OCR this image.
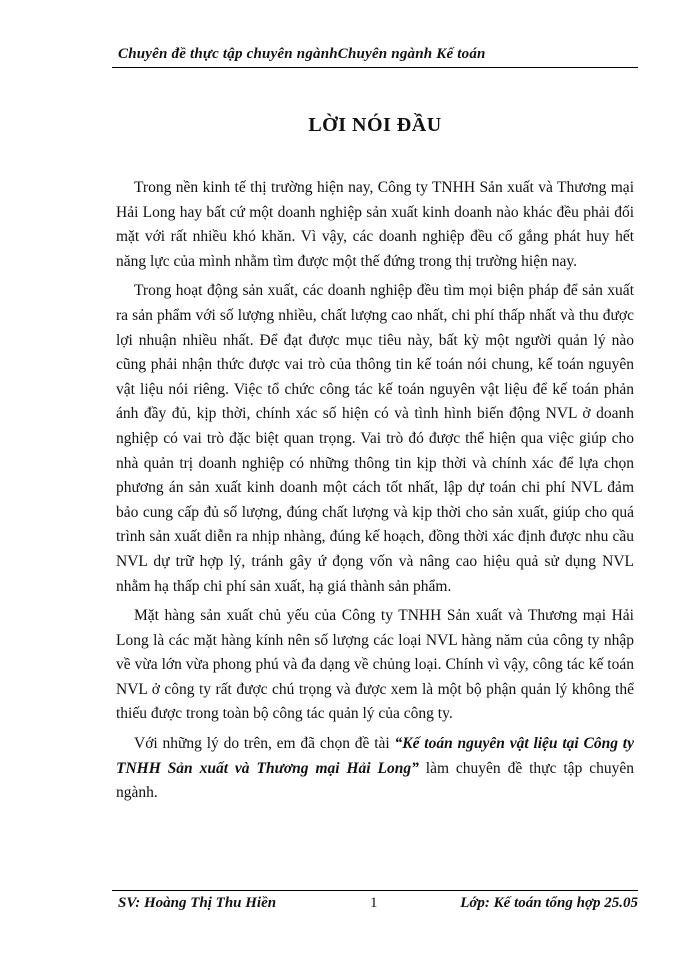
Chuyên đề thực tập chuyên ngànhChuyên ngành Kế toán
LỜI NÓI ĐẦU

Trong nền kinh tế thị trường hiện nay, Công ty TNHH Sản xuất và Thương mại Hải Long hay bất cứ một doanh nghiệp sản xuất kinh doanh nào khác đều phải đối mặt với rất nhiều khó khăn. Vì vậy, các doanh nghiệp đều cố gắng phát huy hết năng lực của mình nhằm tìm được một thế đứng trong thị trường hiện nay.

Trong hoạt động sản xuất, các doanh nghiệp đều tìm mọi biện pháp để sản xuất ra sản phẩm với số lượng nhiều, chất lượng cao nhất, chi phí thấp nhất và thu được lợi nhuận nhiều nhất. Để đạt được mục tiêu này, bất kỳ một người quản lý nào cũng phải nhận thức được vai trò của thông tin kế toán nói chung, kế toán nguyên vật liệu nói riêng. Việc tổ chức công tác kế toán nguyên vật liệu để kế toán phản ánh đầy đủ, kịp thời, chính xác số hiện có và tình hình biến động NVL ở doanh nghiệp có vai trò đặc biệt quan trọng. Vai trò đó được thể hiện qua việc giúp cho nhà quản trị doanh nghiệp có những thông tin kịp thời và chính xác để lựa chọn phương án sản xuất kinh doanh một cách tốt nhất, lập dự toán chi phí NVL đảm bảo cung cấp đủ số lượng, đúng chất lượng và kịp thời cho sản xuất, giúp cho quá trình sản xuất diễn ra nhịp nhàng, đúng kế hoạch, đồng thời xác định được nhu cầu NVL dự trữ hợp lý, tránh gây ứ đọng vốn và nâng cao hiệu quả sử dụng NVL nhằm hạ thấp chi phí sản xuất, hạ giá thành sản phẩm.

Mặt hàng sản xuất chủ yếu của Công ty TNHH Sản xuất và Thương mại Hải Long là các mặt hàng kính nên số lượng các loại NVL hàng năm của công ty nhập về vừa lớn vừa phong phú và đa dạng về chủng loại. Chính vì vậy, công tác kế toán NVL ở công ty rất được chú trọng và được xem là một bộ phận quản lý không thể thiếu được trong toàn bộ công tác quản lý của công ty.

Với những lý do trên, em đã chọn đề tài “Kế toán nguyên vật liệu tại Công ty TNHH Sản xuất và Thương mại Hải Long” làm chuyên đề thực tập chuyên ngành.

SV: Hoàng Thị Thu Hiền	1	Lớp: Kế toán tổng hợp 25.05
